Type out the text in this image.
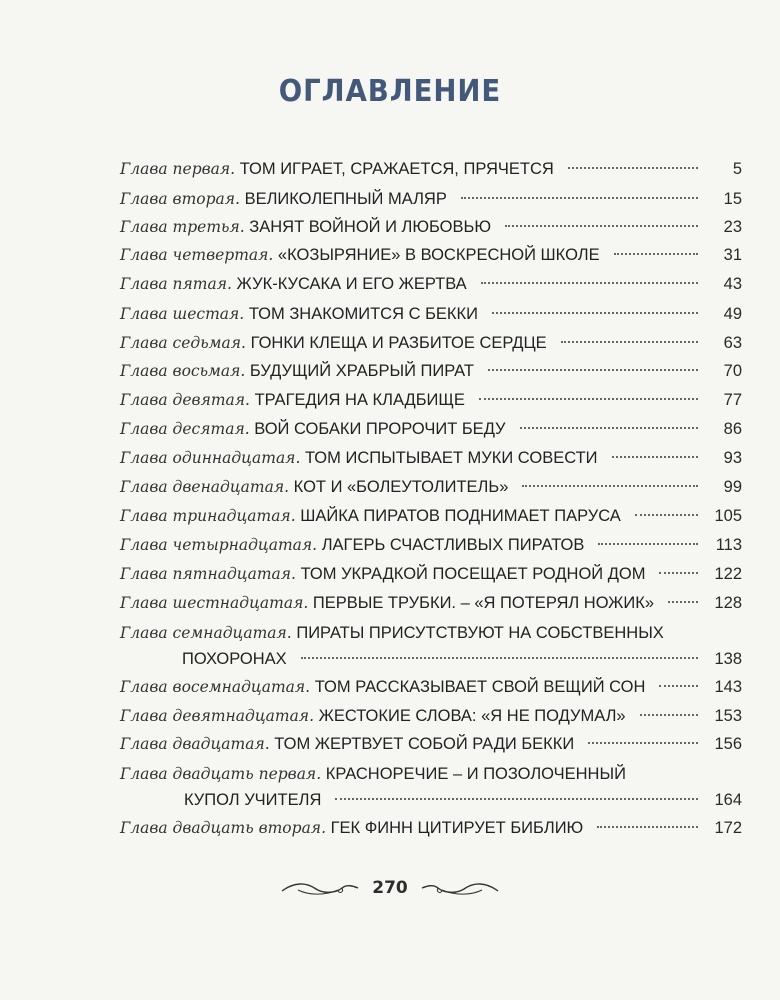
ОГЛАВЛЕНИЕ
Глава первая. ТОМ ИГРАЕТ, СРАЖАЕТСЯ, ПРЯЧЕТСЯ	5
Глава вторая. ВЕЛИКОЛЕПНЫЙ МАЛЯР	15
Глава третья. ЗАНЯТ ВОЙНОЙ И ЛЮБОВЬЮ	23
Глава четвертая. «КОЗЫРЯНИЕ» В ВОСКРЕСНОЙ ШКОЛЕ	31
Глава пятая. ЖУК-КУСАКА И ЕГО ЖЕРТВА	43
Глава шестая. ТОМ ЗНАКОМИТСЯ С БЕККИ	49
Глава седьмая. ГОНКИ КЛЕЩА И РАЗБИТОЕ СЕРДЦЕ	63
Глава восьмая. БУДУЩИЙ ХРАБРЫЙ ПИРАТ	70
Глава девятая. ТРАГЕДИЯ НА КЛАДБИЩЕ	77
Глава десятая. ВОЙ СОБАКИ ПРОРОЧИТ БЕДУ	86
Глава одиннадцатая. ТОМ ИСПЫТЫВАЕТ МУКИ СОВЕСТИ	93
Глава двенадцатая. КОТ И «БОЛЕУТОЛИТЕЛЬ»	99
Глава тринадцатая. ШАЙКА ПИРАТОВ ПОДНИМАЕТ ПАРУСА	105
Глава четырнадцатая. ЛАГЕРЬ СЧАСТЛИВЫХ ПИРАТОВ	113
Глава пятнадцатая. ТОМ УКРАДКОЙ ПОСЕЩАЕТ РОДНОЙ ДОМ	122
Глава шестнадцатая. ПЕРВЫЕ ТРУБКИ. – «Я ПОТЕРЯЛ НОЖИК»	128
Глава семнадцатая. ПИРАТЫ ПРИСУТСТВУЮТ НА СОБСТВЕННЫХ
ПОХОРОНАХ	138
Глава восемнадцатая. ТОМ РАССКАЗЫВАЕТ СВОЙ ВЕЩИЙ СОН	143
Глава девятнадцатая. ЖЕСТОКИЕ СЛОВА: «Я НЕ ПОДУМАЛ»	153
Глава двадцатая. ТОМ ЖЕРТВУЕТ СОБОЙ РАДИ БЕККИ	156
Глава двадцать первая. КРАСНОРЕЧИЕ – И ПОЗОЛОЧЕННЫЙ
КУПОЛ УЧИТЕЛЯ	164
Глава двадцать вторая. ГЕК ФИНН ЦИТИРУЕТ БИБЛИЮ	172
270
